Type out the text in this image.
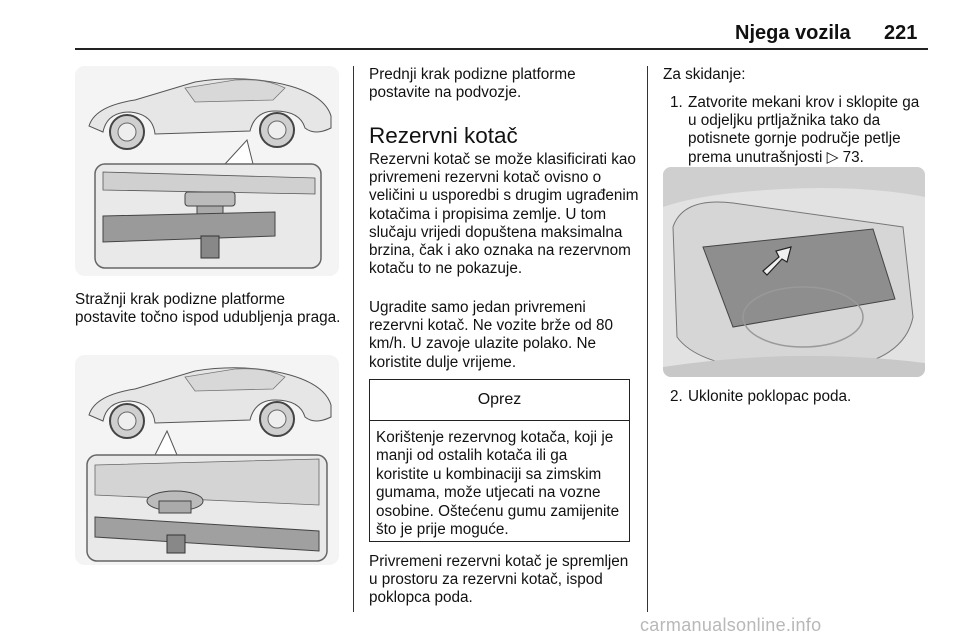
Njega vozila 221

Stražnji krak podizne platforme postavite točno ispod udubljenja praga.

Prednji krak podizne platforme postavite na podvozje.

Rezervni kotač

Rezervni kotač se može klasificirati kao privremeni rezervni kotač ovisno o veličini u usporedbi s drugim ugrađenim kotačima i propisima zemlje. U tom slučaju vrijedi dopuštena maksimalna brzina, čak i ako oznaka na rezervnom kotaču to ne pokazuje.

Ugradite samo jedan privremeni rezervni kotač. Ne vozite brže od 80 km/h. U zavoje ulazite polako. Ne koristite dulje vrijeme.

Oprez
Korištenje rezervnog kotača, koji je manji od ostalih kotača ili ga koristite u kombinaciji sa zimskim gumama, može utjecati na vozne osobine. Oštećenu gumu zamijenite što je prije moguće.

Privremeni rezervni kotač je spremljen u prostoru za rezervni kotač, ispod poklopca poda.

Za skidanje:

1. Zatvorite mekani krov i sklopite ga u odjeljku prtljažnika tako da potisnete gornje područje petlje prema unutrašnjosti ▷ 73.
2. Uklonite poklopac poda.
carmanualsonline.info
